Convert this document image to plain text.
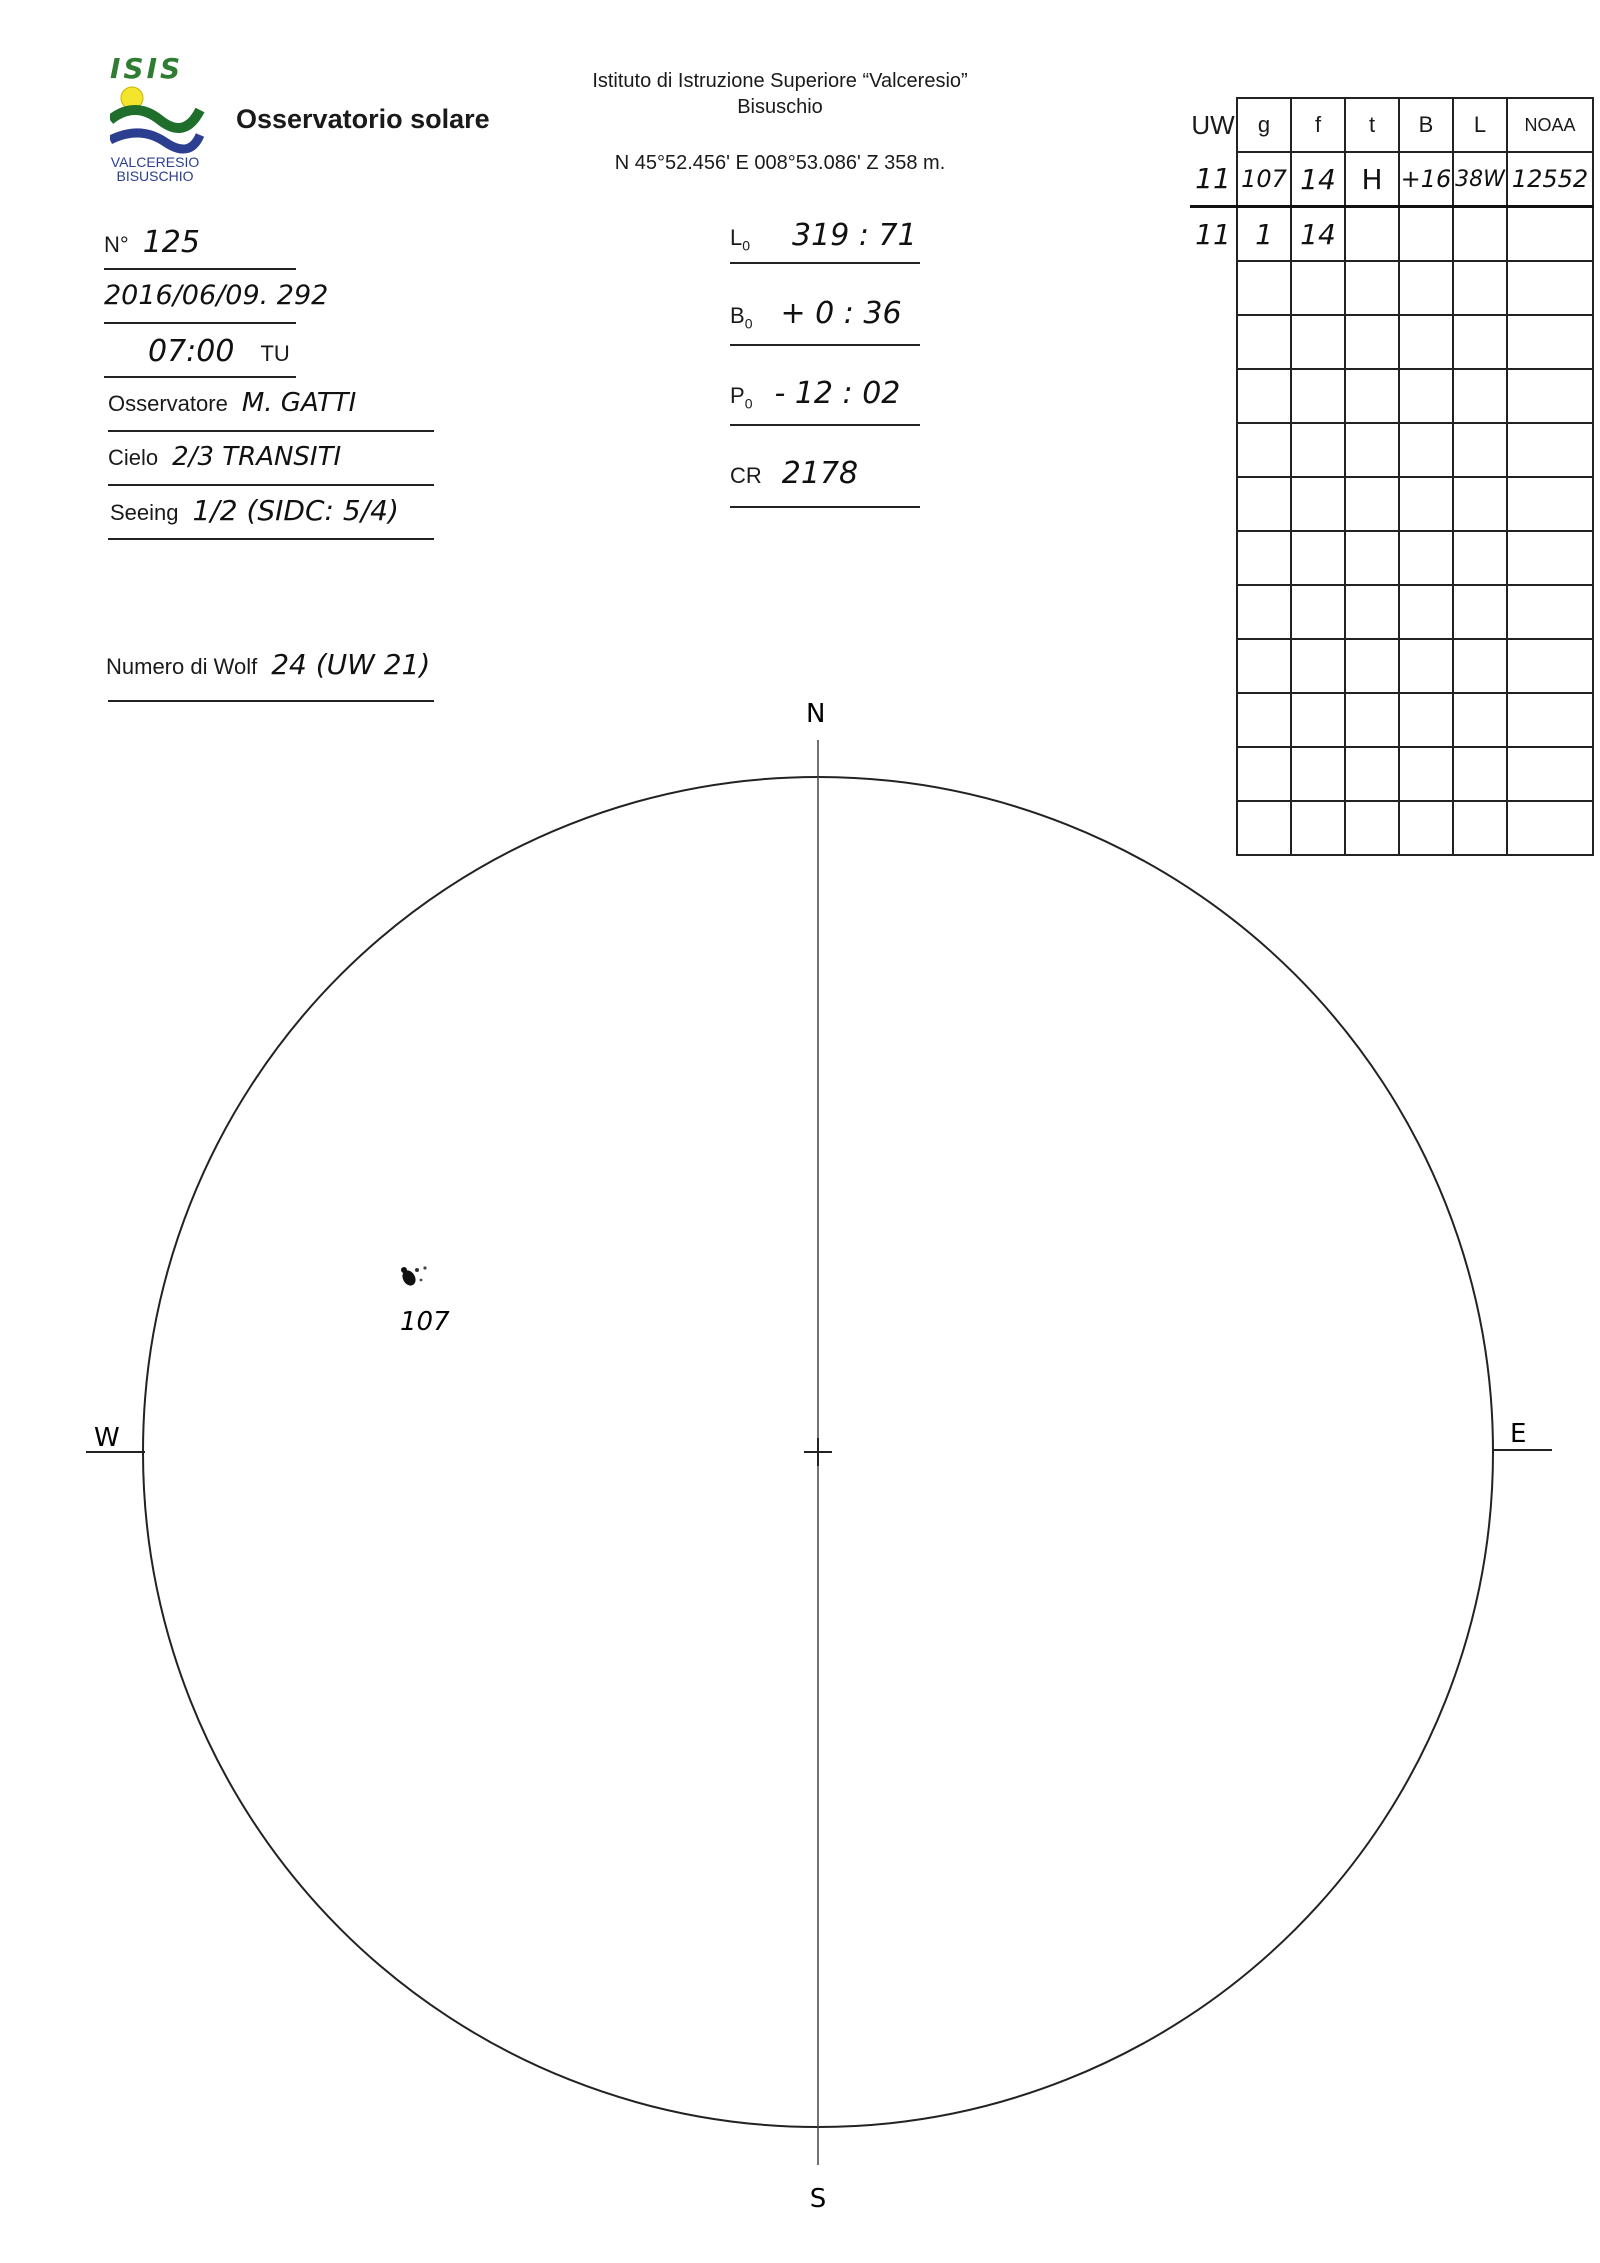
ISIS
VALCERESIO
BISUSCHIO
Osservatorio solare
Istituto di Istruzione Superiore “Valceresio”
Bisuschio
N 45°52.456' E 008°53.086' Z 358 m.
N° 125
2016/06/09. 292
07:00 TU
Osservatore M. GATTI
Cielo 2/3 TRANSITI
Seeing 1/2 (SIDC: 5/4)
Numero di Wolf 24 (UW 21)
$L_0$ 319 : 71
$B_0 + 0$ : 36
$P_0 - 12$ : 02
CR 2178
UW	g	f	t	B	L	NOAA
11	107	14	H	+16	38W	12552
11	1	14				

N
S
W	E
107
